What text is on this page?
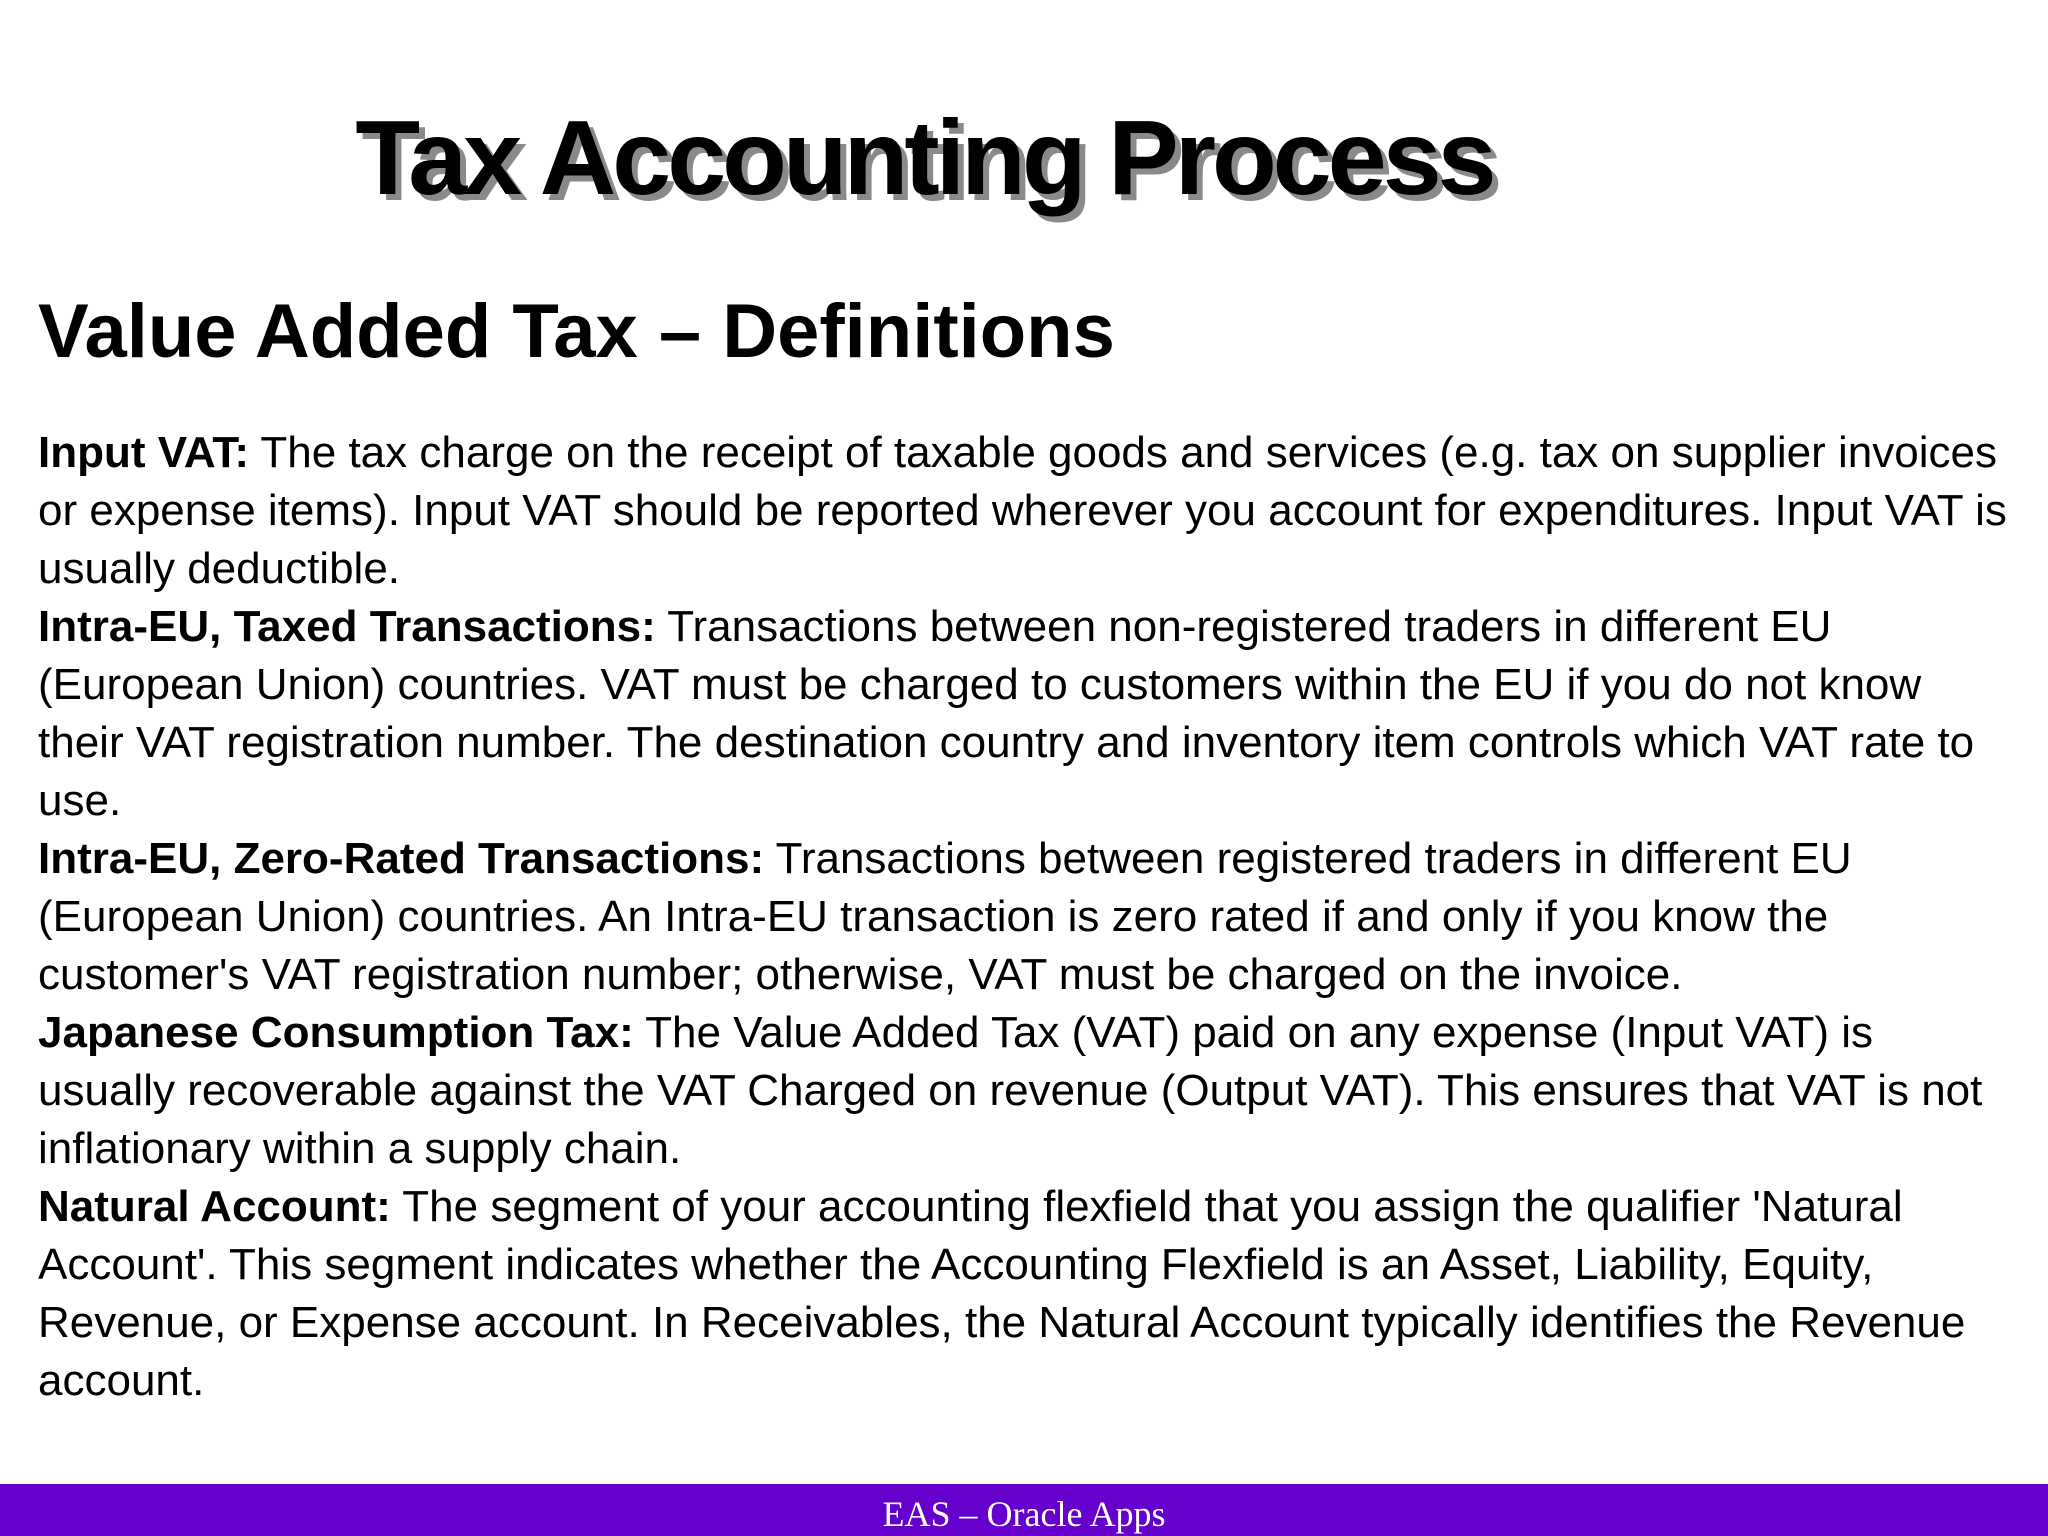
Tax Accounting Process
Value Added Tax – Definitions

Input VAT: The tax charge on the receipt of taxable goods and services (e.g. tax on supplier invoices or expense items). Input VAT should be reported wherever you account for expenditures. Input VAT is usually deductible.

Intra-EU, Taxed Transactions: Transactions between non-registered traders in different EU (European Union) countries. VAT must be charged to customers within the EU if you do not know their VAT registration number. The destination country and inventory item controls which VAT rate to use.

Intra-EU, Zero-Rated Transactions: Transactions between registered traders in different EU (European Union) countries. An Intra-EU transaction is zero rated if and only if you know the customer's VAT registration number; otherwise, VAT must be charged on the invoice.

Japanese Consumption Tax: The Value Added Tax (VAT) paid on any expense (Input VAT) is usually recoverable against the VAT Charged on revenue (Output VAT). This ensures that VAT is not inflationary within a supply chain.

Natural Account: The segment of your accounting flexfield that you assign the qualifier 'Natural Account'. This segment indicates whether the Accounting Flexfield is an Asset, Liability, Equity, Revenue, or Expense account. In Receivables, the Natural Account typically identifies the Revenue account.

EAS – Oracle Apps
